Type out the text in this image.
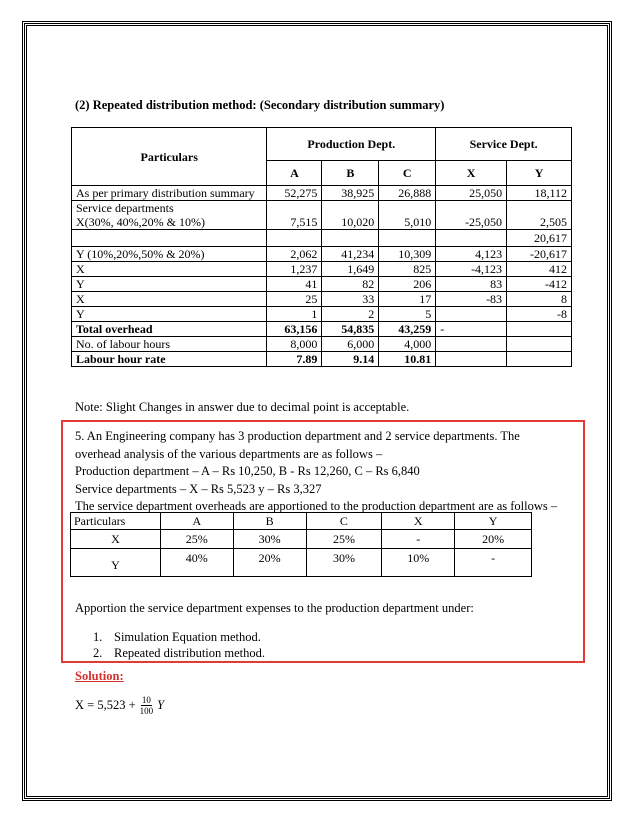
(2) Repeated distribution method: (Secondary distribution summary)
Particulars	Production Dept.			Service Dept.	
	A	B	C	X	Y
As per primary distribution summary	52,275	38,925	26,888	25,050	18,112

Service departments
X(30%, 40%,20% & 10%)	7,515	10,020	5,010	-25,050	2,505
					20,617
Y (10%,20%,50% & 20%)	2,062	41,234	10,309	4,123	-20,617
X	1,237	1,649	825	-4,123	412
Y	41	82	206	83	-412
X	25	33	17	-83	8
Y	1	2	5		-8
Total overhead	63,156	54,835	43,259	-	
No. of labour hours	8,000	6,000	4,000		
Labour hour rate	7.89	9.14	10.81		
Note: Slight Changes in answer due to decimal point is acceptable.
5. An Engineering company has 3 production department and 2 service departments. The
overhead analysis of the various departments are as follows –
Production department – A – Rs 10,250, B - Rs 12,260, C – Rs 6,840
Service departments – X – Rs 5,523 y – Rs 3,327
The service department overheads are apportioned to the production department are as follows –
Particulars	A	B	C	X	Y
X	25%	30%	25%	-	20%
Y	40%	20%	30%	10%	-
Apportion the service department expenses to the production department under:
1. Simulation Equation method.
2. Repeated distribution method.
Solution:
$X = 5,523 + \frac{10}{100}$ Y
